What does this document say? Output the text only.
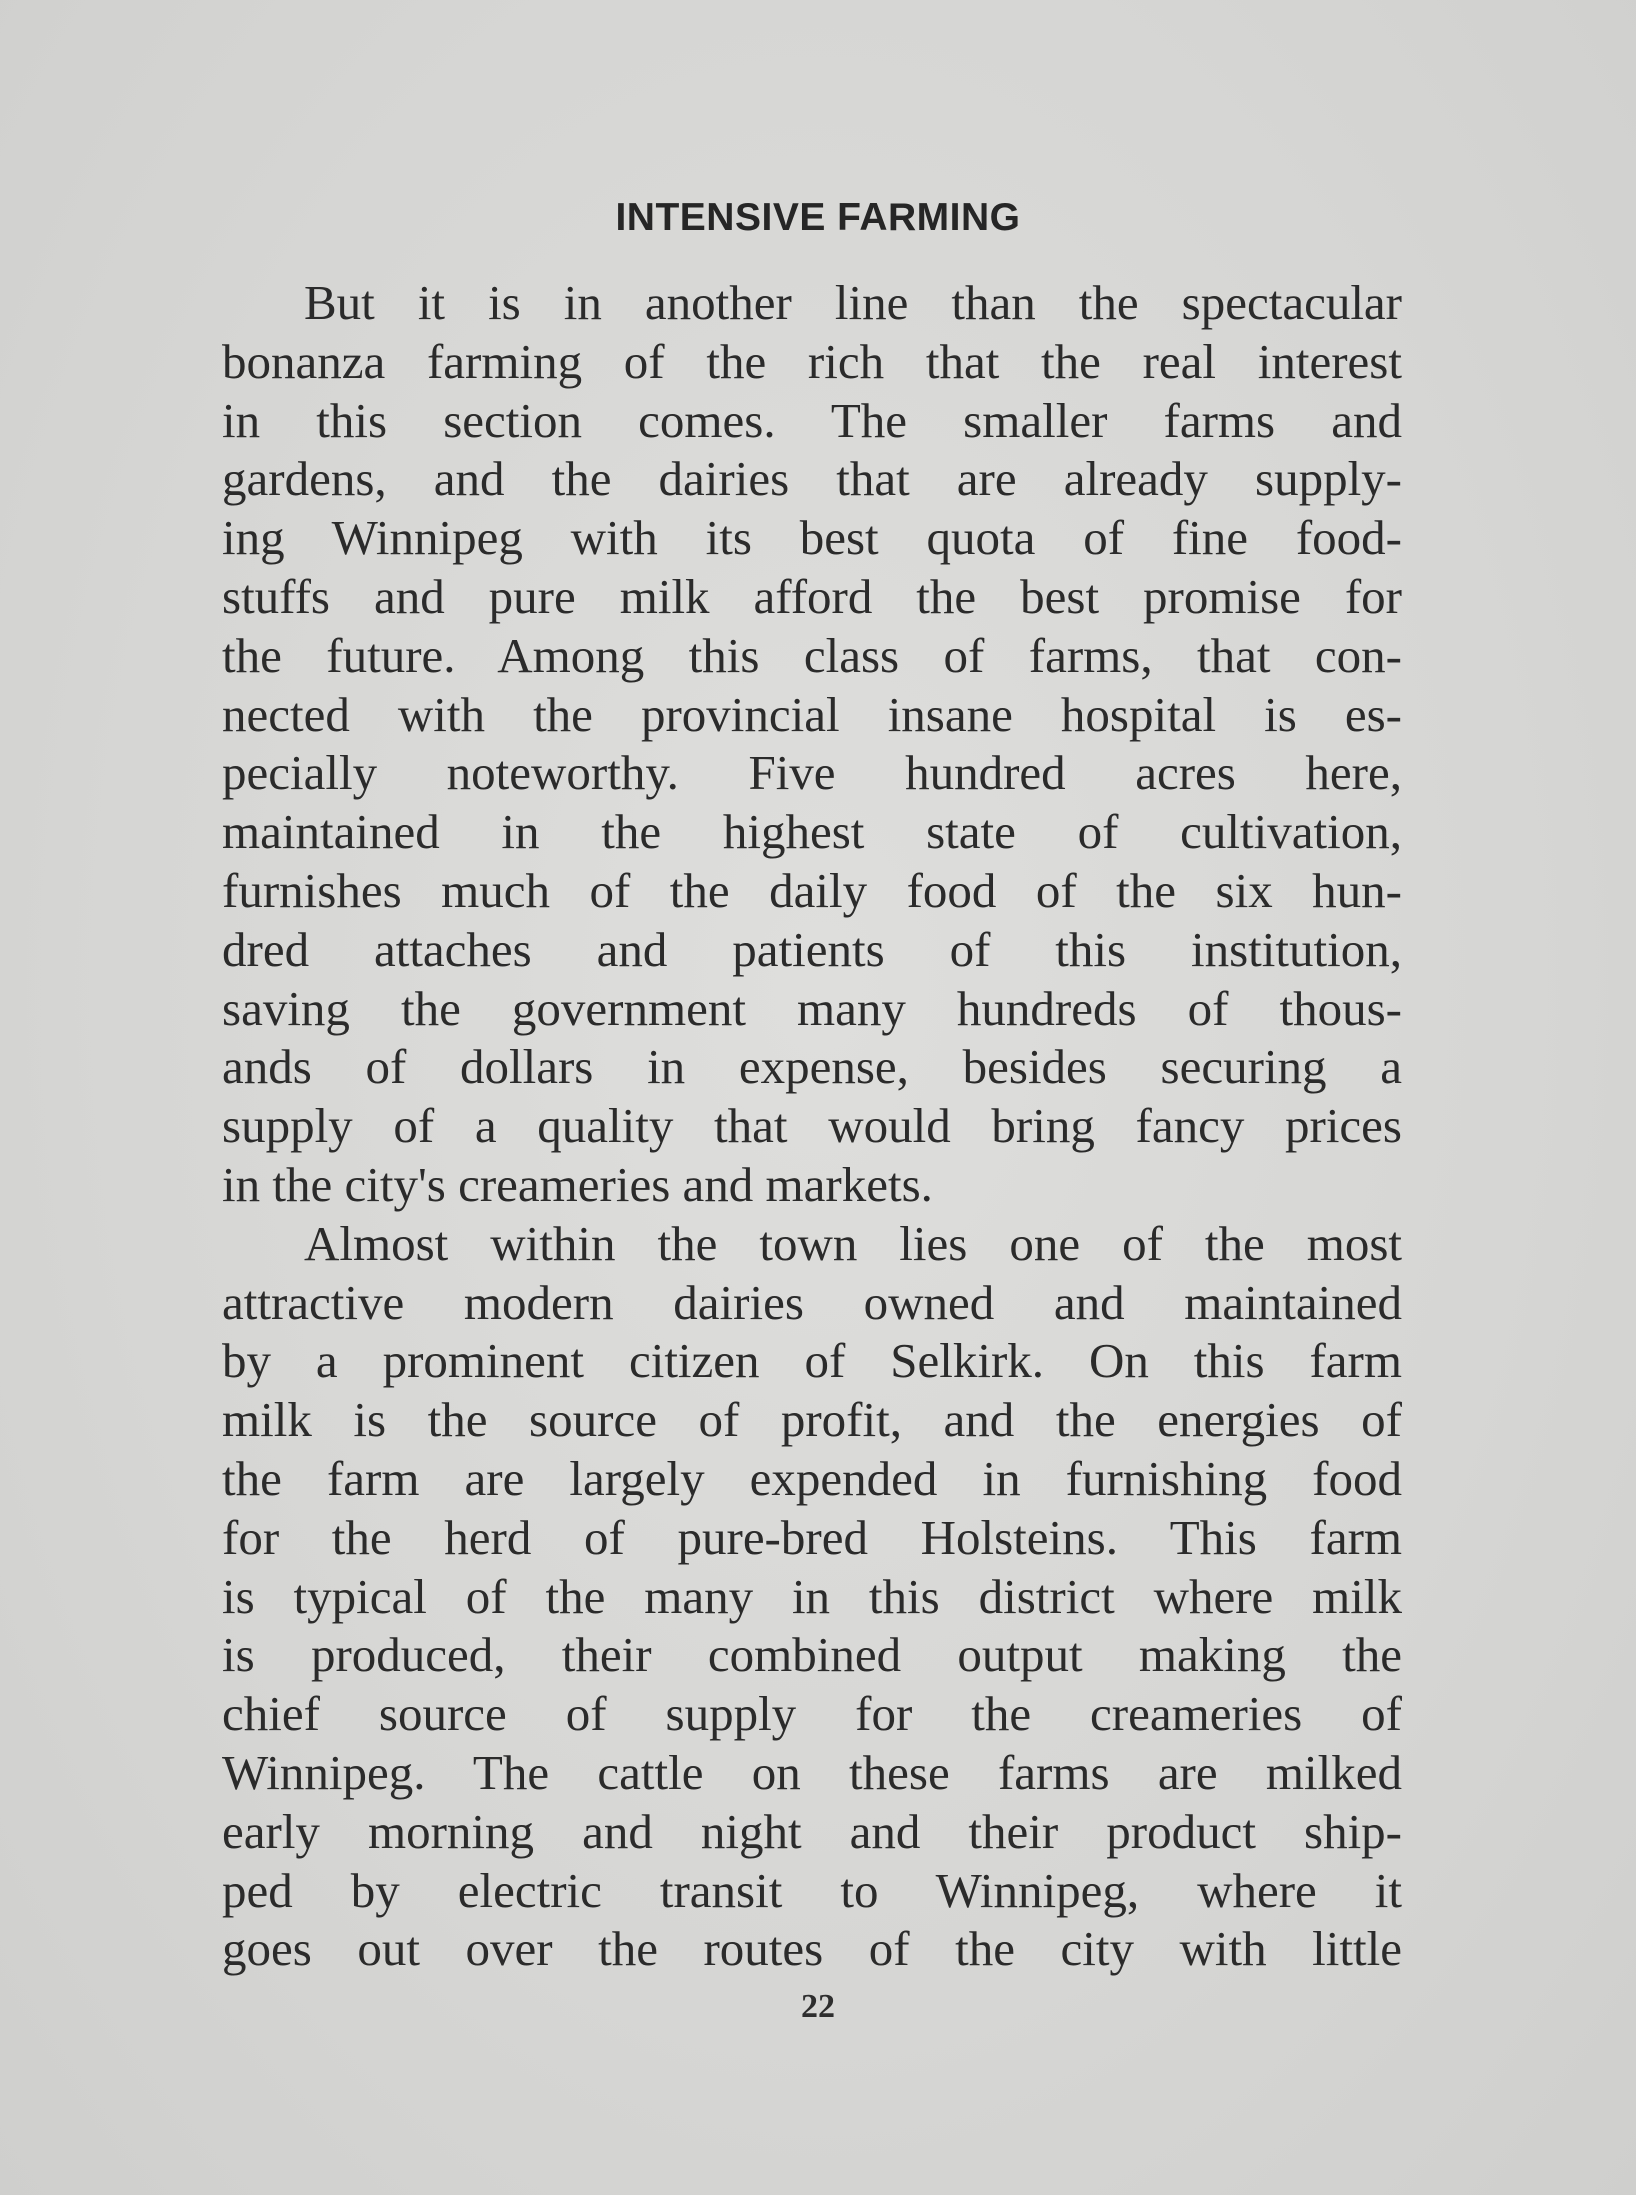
INTENSIVE FARMING
But it is in another line than the spectacular
bonanza farming of the rich that the real interest
in this section comes. The smaller farms and
gardens, and the dairies that are already supply-
ing Winnipeg with its best quota of fine food-
stuffs and pure milk afford the best promise for
the future. Among this class of farms, that con-
nected with the provincial insane hospital is es-
pecially noteworthy. Five hundred acres here,
maintained in the highest state of cultivation,
furnishes much of the daily food of the six hun-
dred attaches and patients of this institution,
saving the government many hundreds of thous-
ands of dollars in expense, besides securing a
supply of a quality that would bring fancy prices
in the city's creameries and markets.
Almost within the town lies one of the most
attractive modern dairies owned and maintained
by a prominent citizen of Selkirk. On this farm
milk is the source of profit, and the energies of
the farm are largely expended in furnishing food
for the herd of pure-bred Holsteins. This farm
is typical of the many in this district where milk
is produced, their combined output making the
chief source of supply for the creameries of
Winnipeg. The cattle on these farms are milked
early morning and night and their product ship-
ped by electric transit to Winnipeg, where it
goes out over the routes of the city with little
22
